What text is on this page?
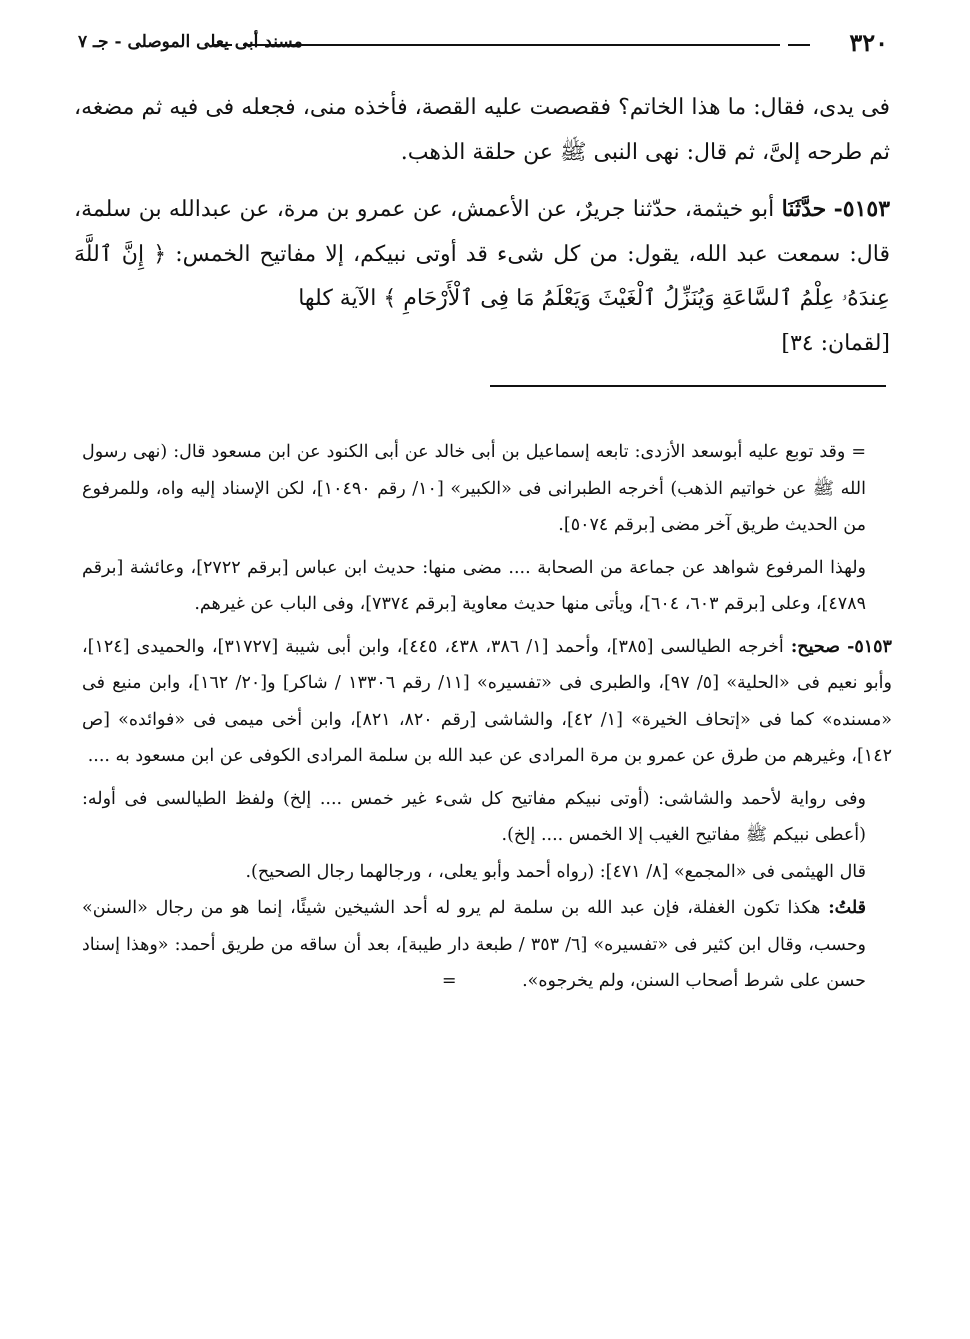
٣٢٠
مسند أبى يعلى الموصلى - جـ ٧

فى يدى، فقال: ما هذا الخاتم؟ فقصصت عليه القصة، فأخذه منى، فجعله فى فيه ثم مضغه، ثم طرحه إلىَّ، ثم قال: نهى النبى ﷺ عن حلقة الذهب.

٥١٥٣- حدَّثَنَا أبو خيثمة، حدّثنا جريرٌ، عن الأعمش، عن عمرو بن مرة، عن عبدالله بن سلمة، قال: سمعت عبد الله، يقول: من كل شىء قد أوتى نبيكم، إلا مفاتيح الخمس: ﴿ إِنَّ ٱللَّهَ عِندَهُۥ عِلْمُ ٱلسَّاعَةِ وَيُنَزِّلُ ٱلْغَيْثَ وَيَعْلَمُ مَا فِى ٱلْأَرْحَامِ ﴾ الآية كلها
[لقمان: ٣٤]

= وقد توبع عليه أبوسعد الأزدى: تابعه إسماعيل بن أبى خالد عن أبى الكنود عن ابن مسعود قال: (نهى رسول الله ﷺ عن خواتيم الذهب) أخرجه الطبرانى فى «الكبير» [١٠/ رقم ١٠٤٩٠]، لكن الإسناد إليه واه، وللمرفوع من الحديث طريق آخر مضى [برقم ٥٠٧٤].

ولهذا المرفوع شواهد عن جماعة من الصحابة .... مضى منها: حديث ابن عباس [برقم ٢٧٢٢]، وعائشة [برقم ٤٧٨٩]، وعلى [برقم ٦٠٣، ٦٠٤]، ويأتى منها حديث معاوية [برقم ٧٣٧٤]، وفى الباب عن غيرهم.

٥١٥٣- صحيح: أخرجه الطيالسى [٣٨٥]، وأحمد [١/ ٣٨٦، ٤٣٨، ٤٤٥]، وابن أبى شيبة [٣١٧٢٧]، والحميدى [١٢٤]، وأبو نعيم فى «الحلية» [٥/ ٩٧]، والطبرى فى «تفسيره» [١١/ رقم ١٣٣٠٦ / شاكر] و[٢٠/ ١٦٢]، وابن منيع فى «مسنده» كما فى «إتحاف الخيرة» [١/ ٤٢]، والشاشى [رقم ٨٢٠، ٨٢١]، وابن أخى ميمى فى «فوائده» [ص ١٤٢]، وغيرهم من طرق عن عمرو بن مرة المرادى عن عبد الله بن سلمة المرادى الكوفى عن ابن مسعود به ....

وفى رواية لأحمد والشاشى: (أوتى نبيكم مفاتيح كل شىء غير خمس .... إلخ) ولفظ الطيالسى فى أوله: (أعطى نبيكم ﷺ مفاتيح الغيب إلا الخمس .... إلخ).

قال الهيثمى فى «المجمع» [٨/ ٤٧١]: (رواه أحمد وأبو يعلى، ، ورجالهما رجال الصحيح).

قلتُ: هكذا تكون الغفلة، فإن عبد الله بن سلمة لم يرو له أحد الشيخين شيئًا، إنما هو من رجال «السنن» وحسب، وقال ابن كثير فى «تفسيره» [٦/ ٣٥٣ / طبعة دار طيبة]، بعد أن ساقه من طريق أحمد: «وهذا إسناد حسن على شرط أصحاب السنن، ولم يخرجوه». =
